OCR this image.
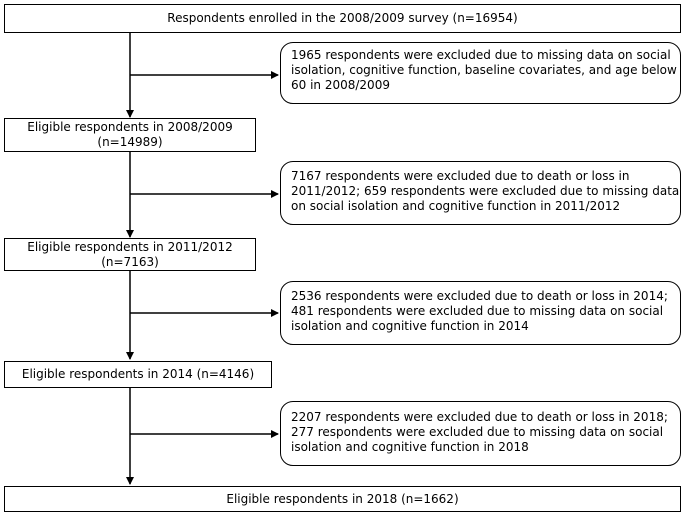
Respondents enrolled in the 2008/2009 survey (n=16954)
1965 respondents were excluded due to missing data on social
isolation, cognitive function, baseline covariates, and age below
60 in 2008/2009
Eligible respondents in 2008/2009
(n=14989)
7167 respondents were excluded due to death or loss in
2011/2012; 659 respondents were excluded due to missing data
on social isolation and cognitive function in 2011/2012
Eligible respondents in 2011/2012
(n=7163)
2536 respondents were excluded due to death or loss in 2014;
481 respondents were excluded due to missing data on social
isolation and cognitive function in 2014
Eligible respondents in 2014 (n=4146)
2207 respondents were excluded due to death or loss in 2018;
277 respondents were excluded due to missing data on social
isolation and cognitive function in 2018
Eligible respondents in 2018 (n=1662)
